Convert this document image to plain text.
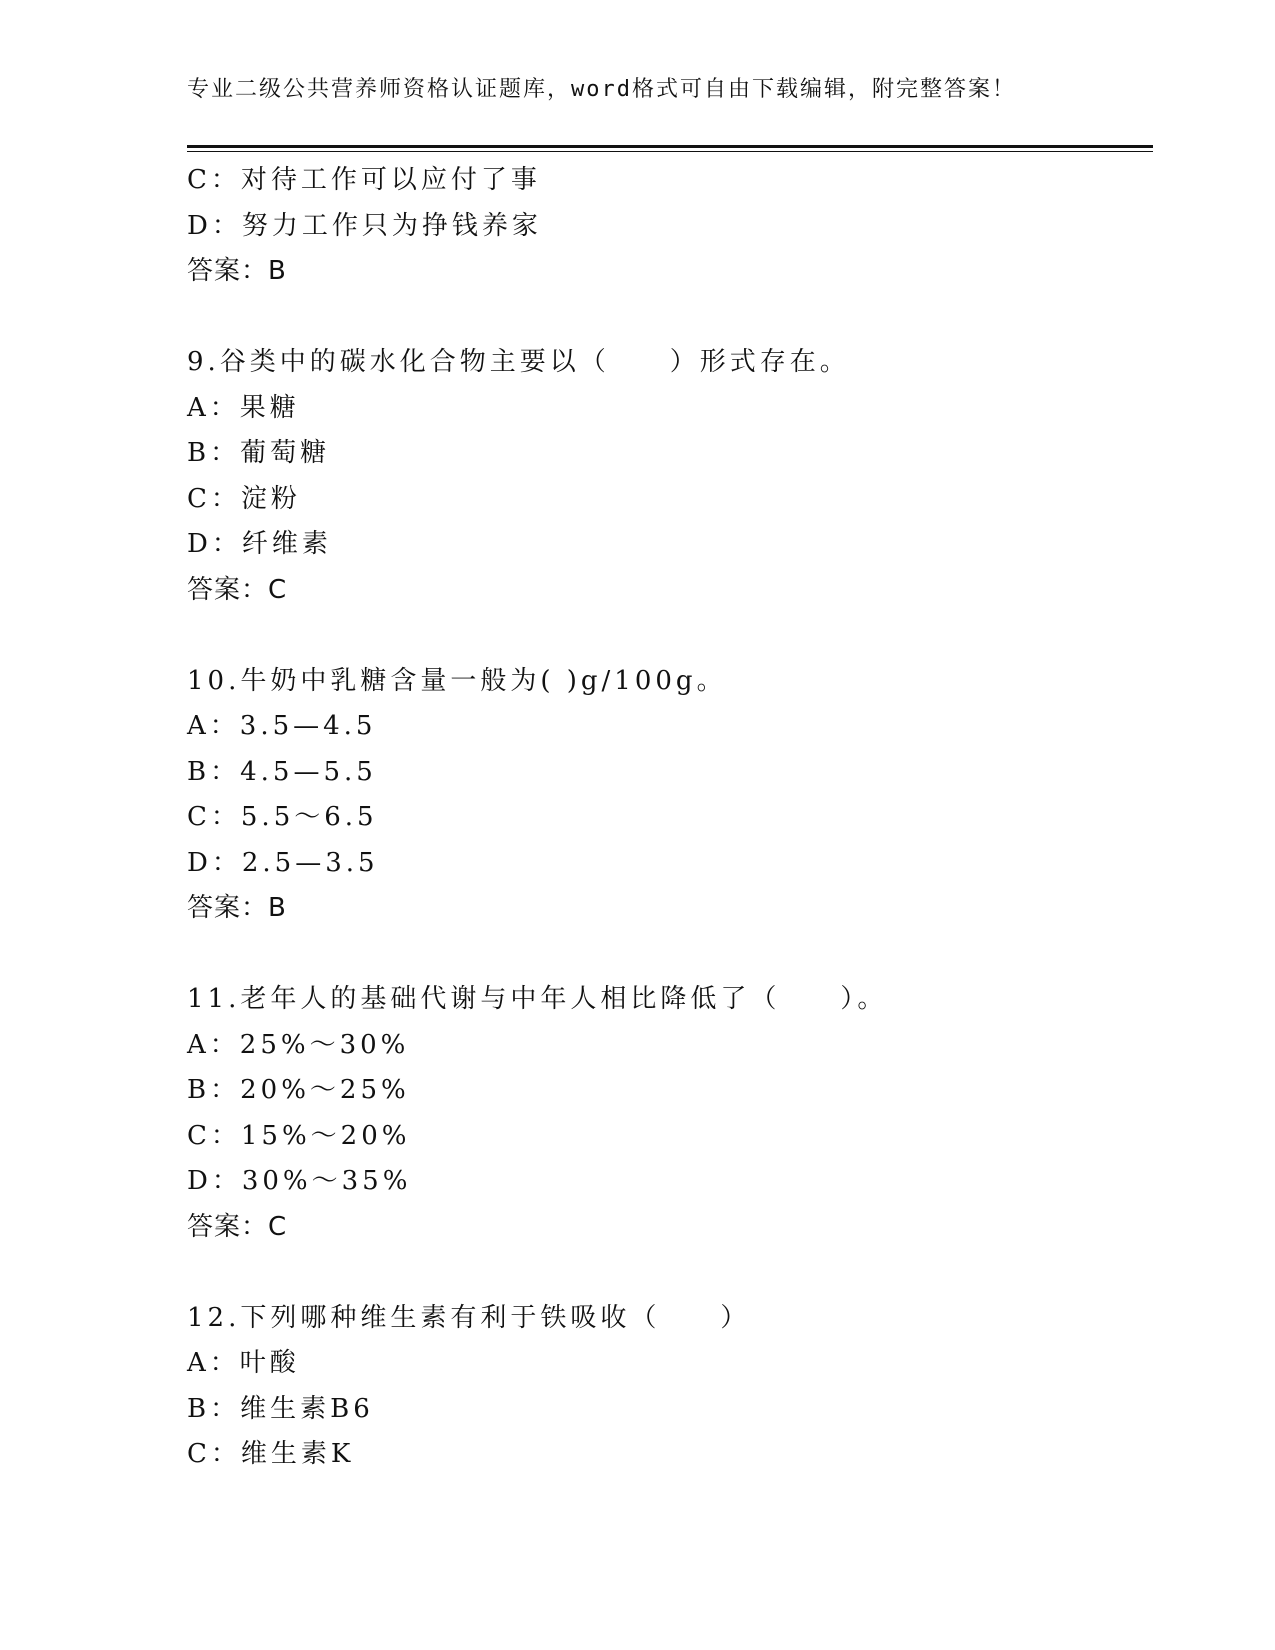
专业二级公共营养师资格认证题库，word格式可自由下载编辑，附完整答案！
C：对待工作可以应付了事
D：努力工作只为挣钱养家
答案：B
9.谷类中的碳水化合物主要以（　　）形式存在。
A：果糖
B：葡萄糖
C：淀粉
D：纤维素
答案：C
10.牛奶中乳糖含量一般为( )g/100g。
A：3.5—4.5
B：4.5—5.5
C：5.5～6.5
D：2.5—3.5
答案：B
11.老年人的基础代谢与中年人相比降低了（　　）。
A：25%～30%
B：20%～25%
C：15%～20%
D：30%～35%
答案：C
12.下列哪种维生素有利于铁吸收（　　）
A：叶酸
B：维生素B6
C：维生素K
